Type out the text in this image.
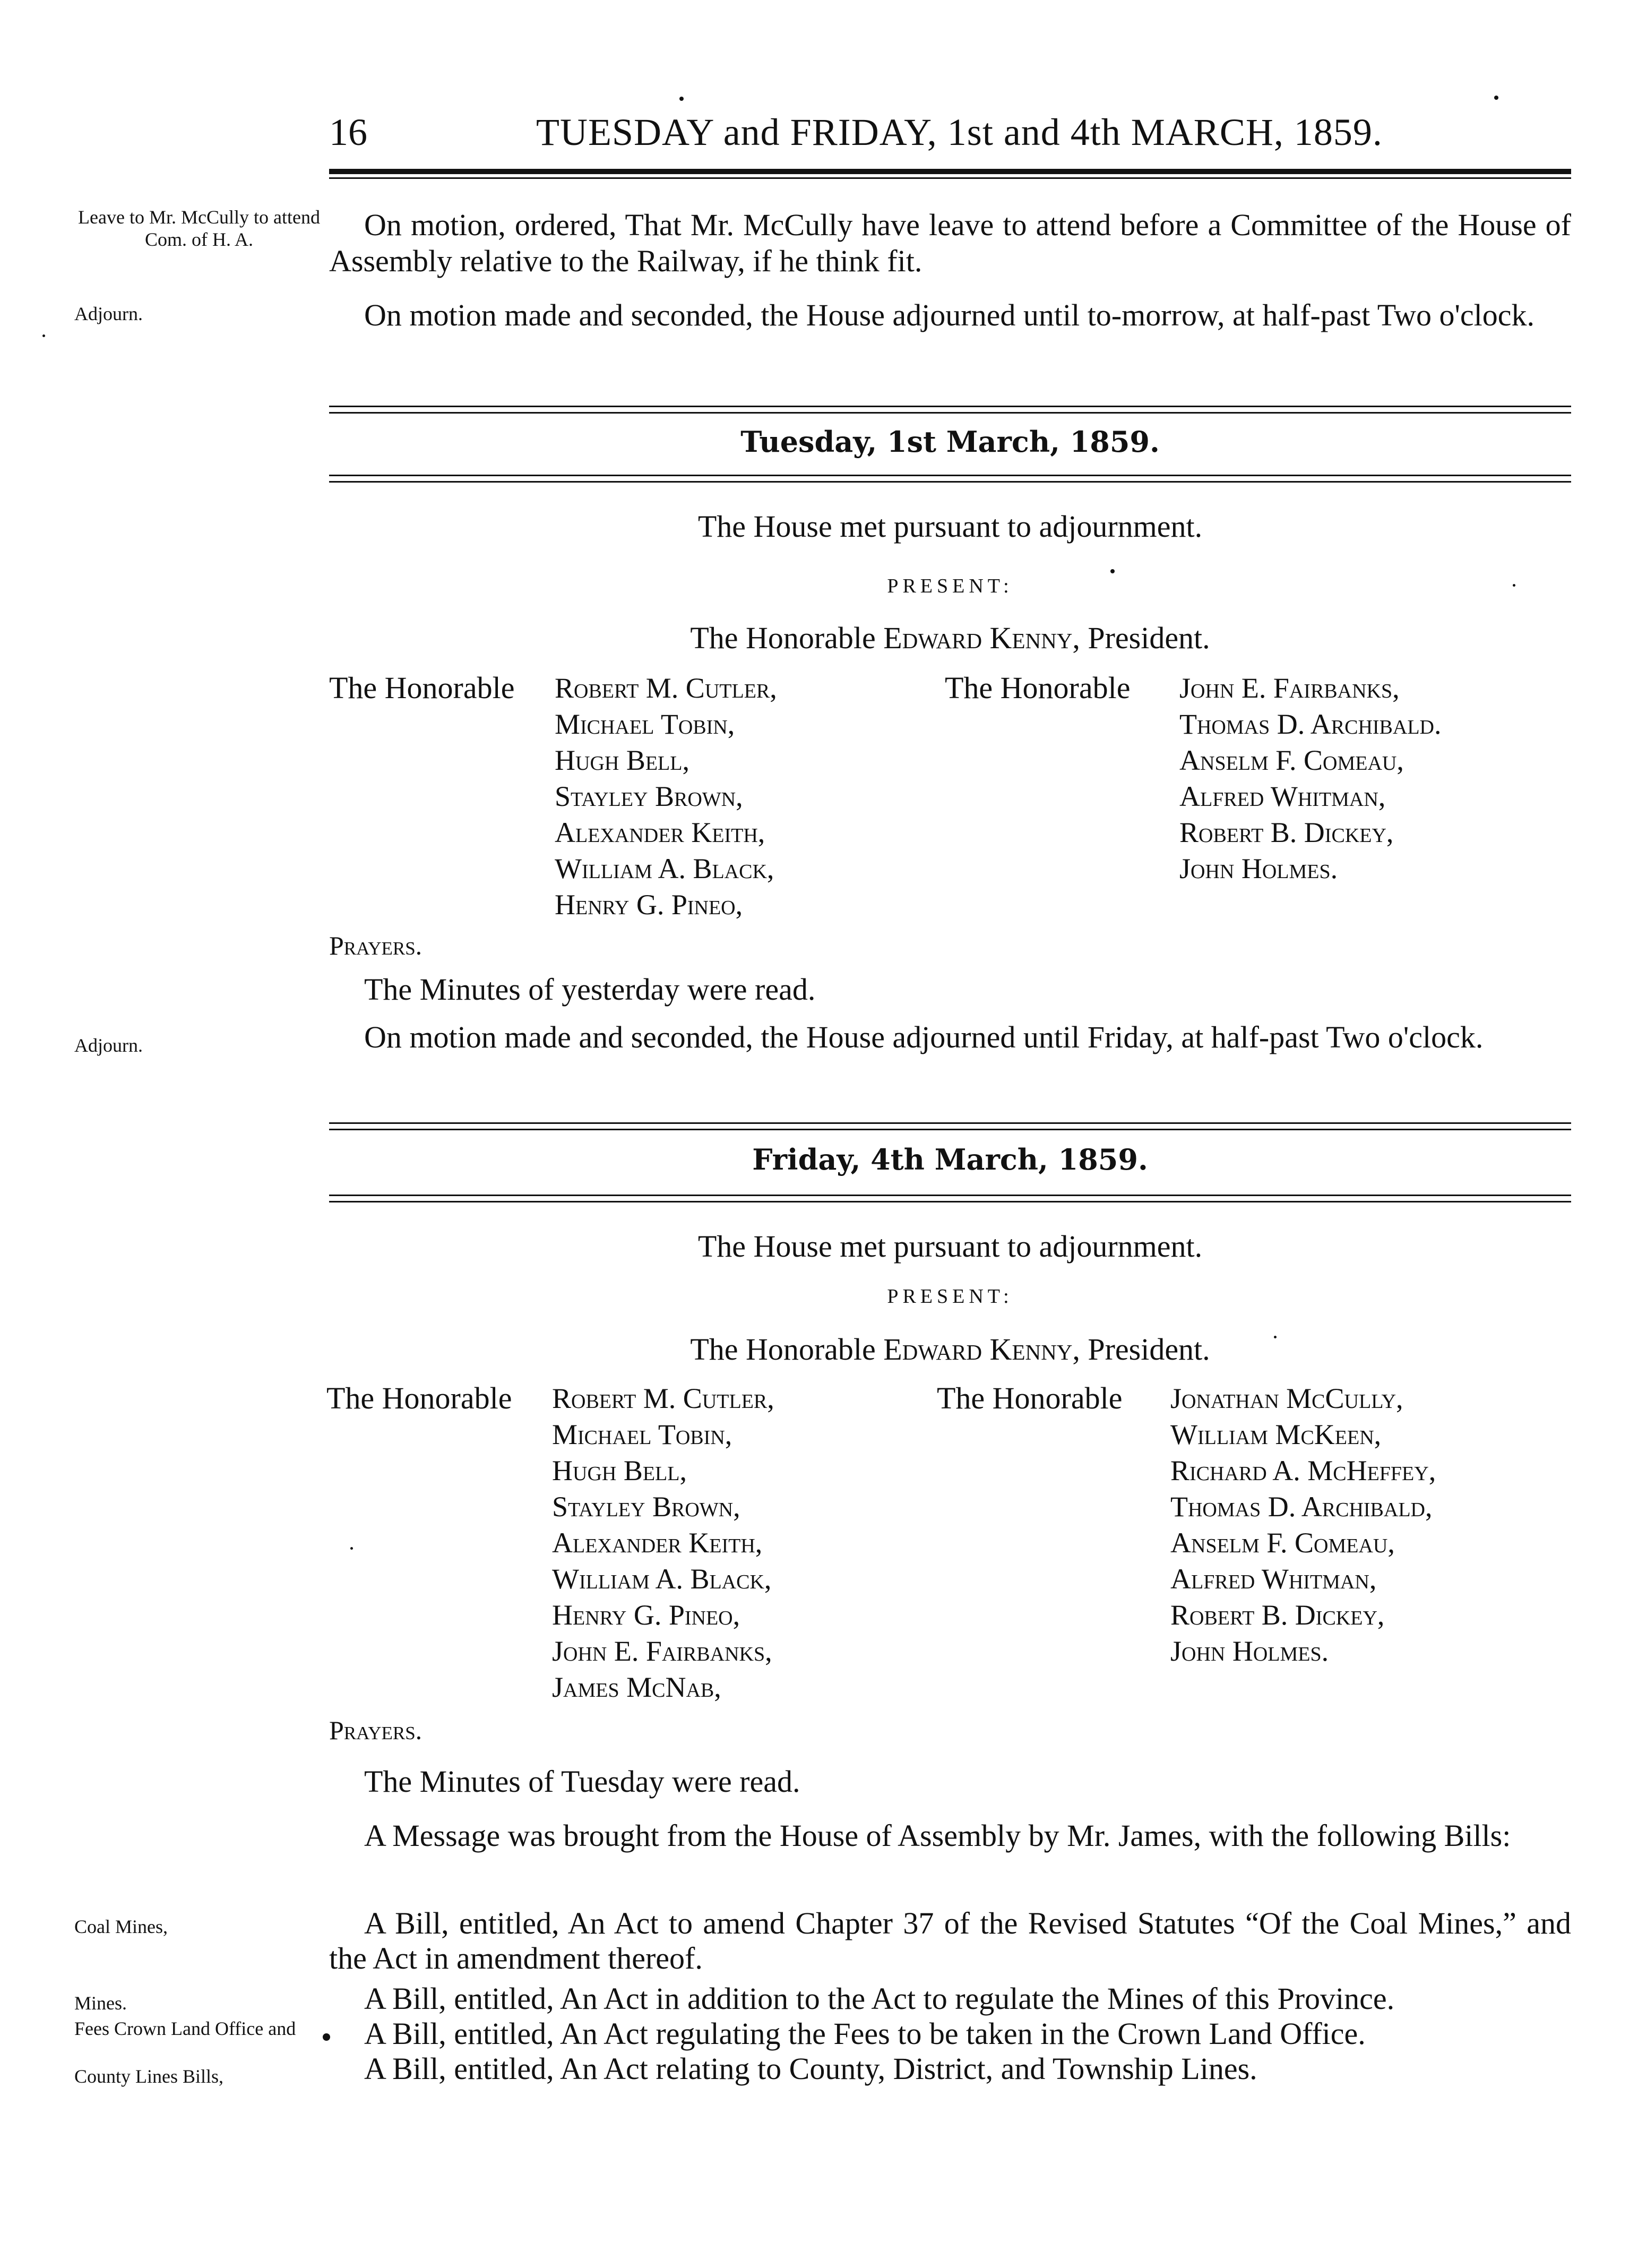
16	TUESDAY and FRIDAY, 1st and 4th MARCH, 1859.
Leave to Mr. McCully to attend Com. of H. A.	On motion, ordered, That Mr. McCully have leave to attend before a Committee of the House of Assembly relative to the Railway, if he think fit.
Adjourn.	On motion made and seconded, the House adjourned until to-morrow, at half-past Two o'clock.
Tuesday, 1st March, 1859.
The House met pursuant to adjournment.
PRESENT:
The Honorable Edward Kenny, President.
The Honorable Robert M. Cutler,
Michael Tobin,
Hugh Bell,
Stayley Brown,
Alexander Keith,
William A. Black,
Henry G. Pineo,
The Honorable John E. Fairbanks,
Thomas D. Archibald.
Anselm F. Comeau,
Alfred Whitman,
Robert B. Dickey,
John Holmes.
Prayers.
The Minutes of yesterday were read.
Adjourn.	On motion made and seconded, the House adjourned until Friday, at half-past Two o'clock.
Friday, 4th March, 1859.
The House met pursuant to adjournment.
PRESENT:
The Honorable Edward Kenny, President.
The Honorable Robert M. Cutler,
Michael Tobin,
Hugh Bell,
Stayley Brown,
Alexander Keith,
William A. Black,
Henry G. Pineo,
John E. Fairbanks,
James McNab,
The Honorable Jonathan McCully,
William McKeen,
Richard A. McHeffey,
Thomas D. Archibald,
Anselm F. Comeau,
Alfred Whitman,
Robert B. Dickey,
John Holmes.
Prayers.
The Minutes of Tuesday were read.
A Message was brought from the House of Assembly by Mr. James, with the following Bills:
Coal Mines,	A Bill, entitled, An Act to amend Chapter 37 of the Revised Statutes “Of the Coal Mines,” and the Act in amendment thereof.
Mines.	A Bill, entitled, An Act in addition to the Act to regulate the Mines of this Province.
Fees Crown Land Office and	A Bill, entitled, An Act regulating the Fees to be taken in the Crown Land Office.
County Lines Bills,	A Bill, entitled, An Act relating to County, District, and Township Lines.
